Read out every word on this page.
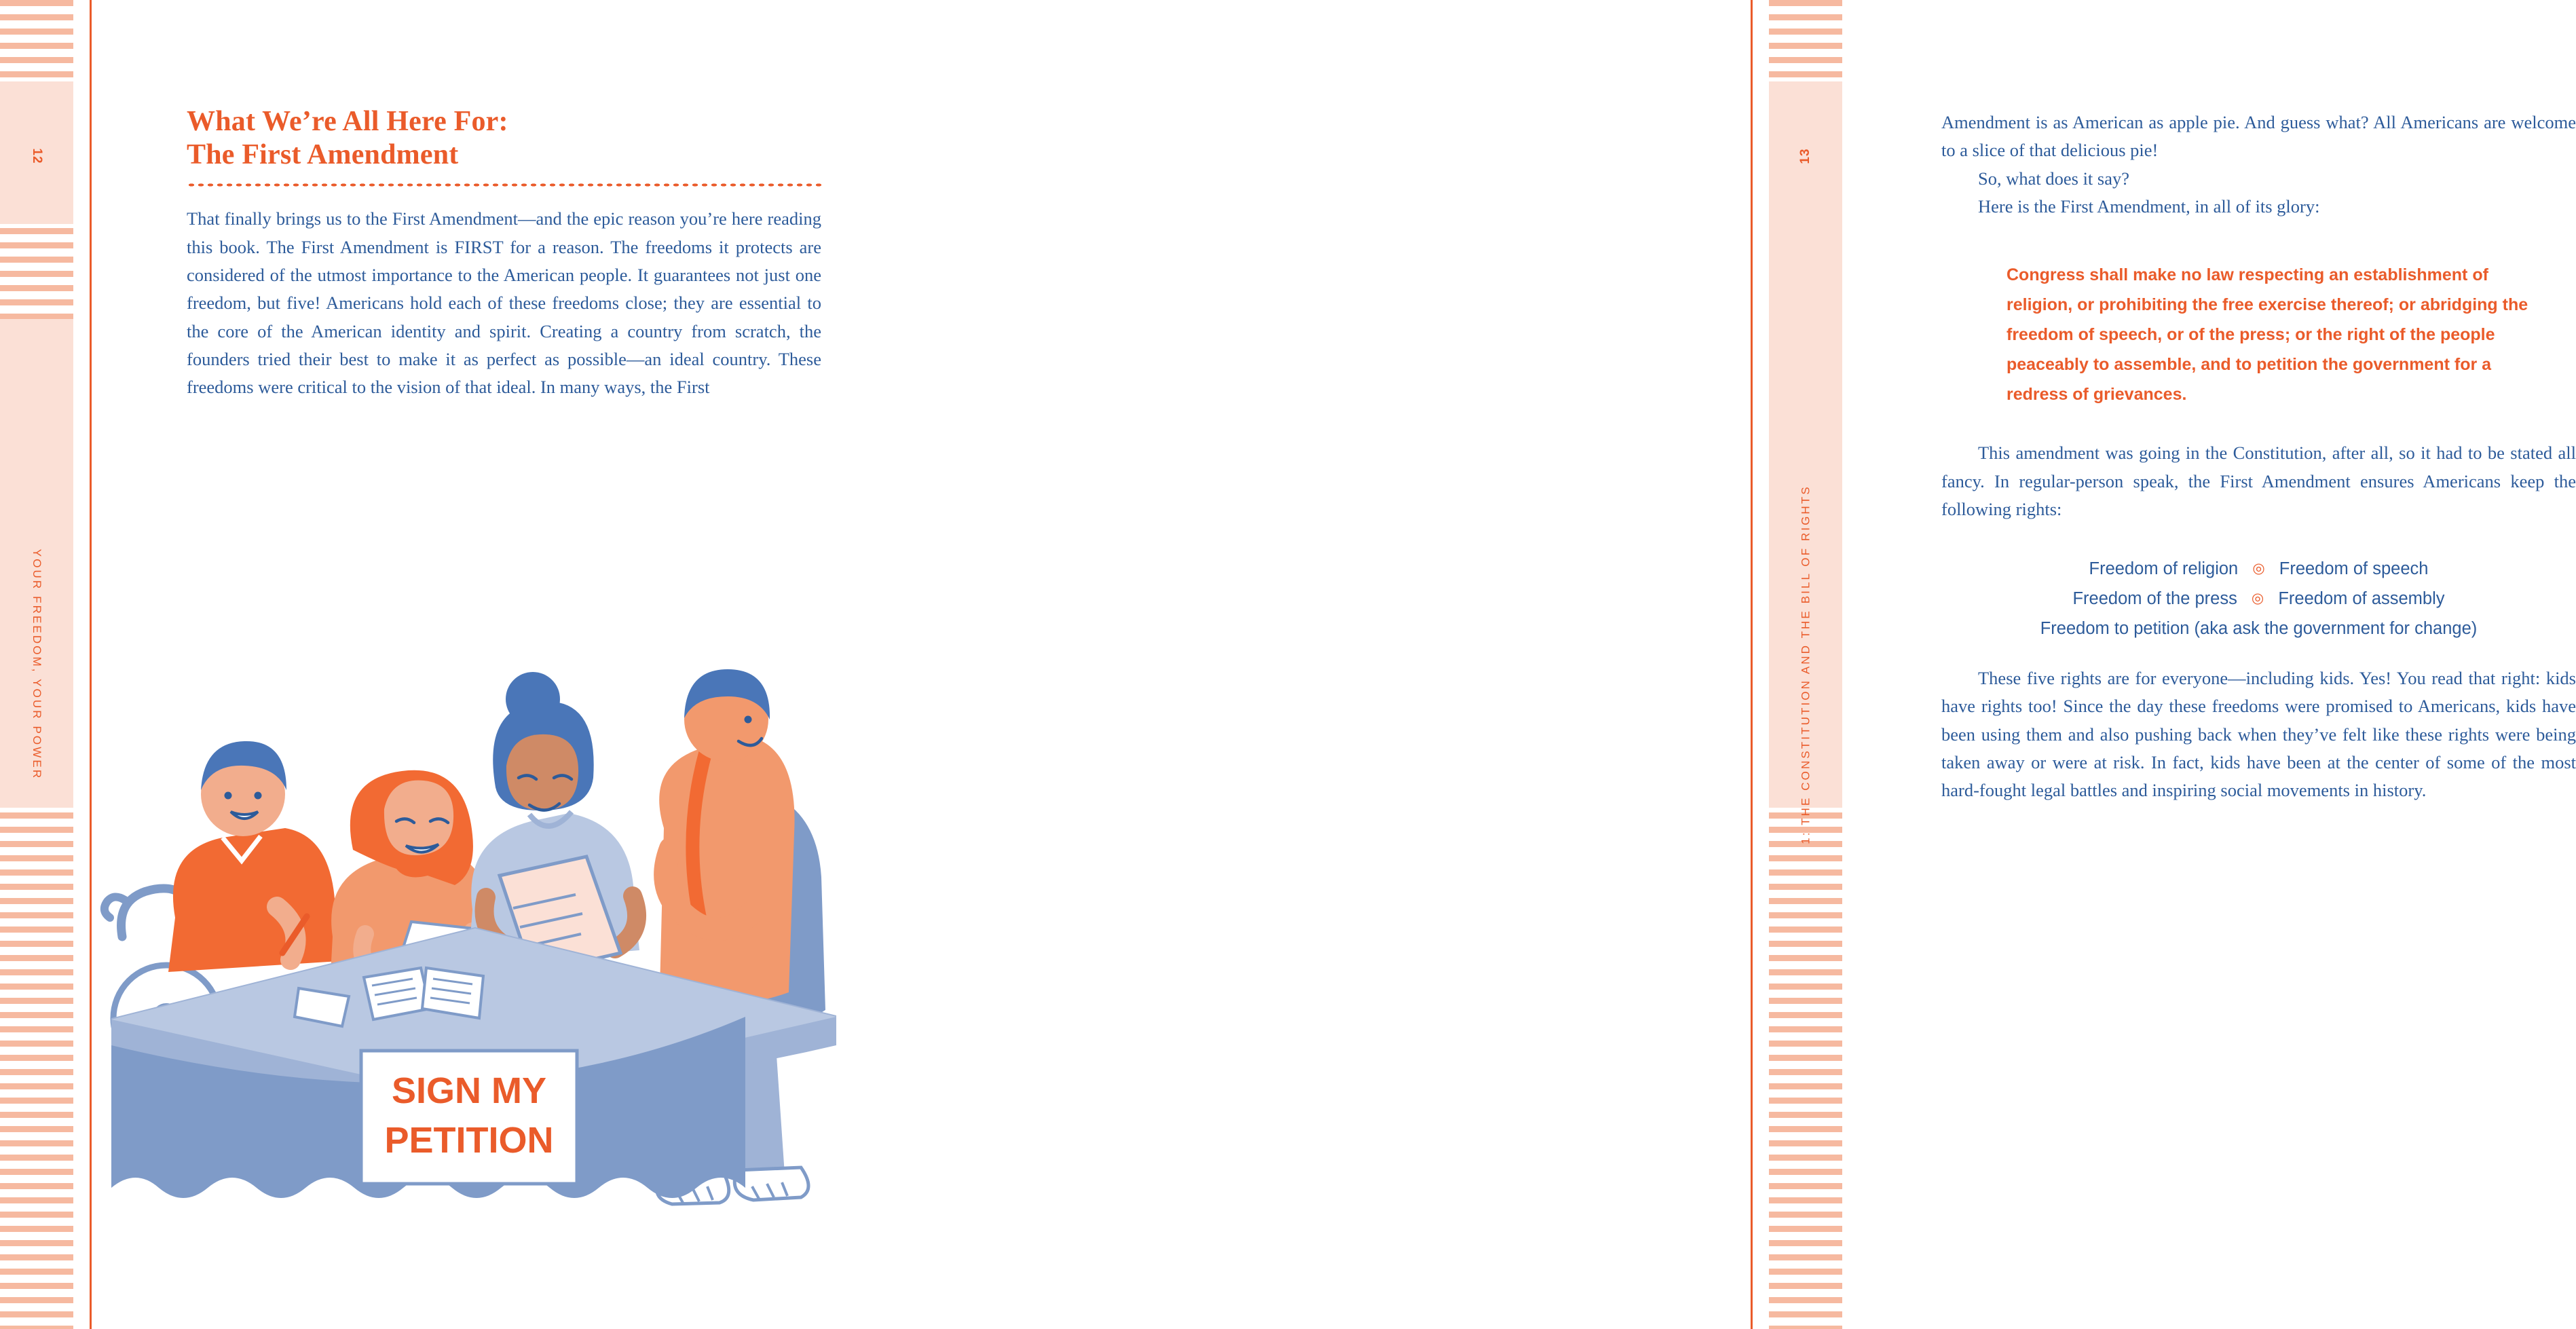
12
YOUR FREEDOM, YOUR POWER
What We’re All Here For:
The First Amendment

That finally brings us to the First Amendment—and the epic reason you’re here reading this book. The First Amendment is FIRST for a reason. The freedoms it protects are considered of the utmost importance to the American people. It guarantees not just one freedom, but five! Americans hold each of these freedoms close; they are essential to the core of the American identity and spirit. Creating a country from scratch, the founders tried their best to make it as perfect as possible—an ideal country. These freedoms were critical to the vision of that ideal. In many ways, the First

SIGN MY
PETITION
13
1: THE CONSTITUTION AND THE BILL OF RIGHTS

Amendment is as American as apple pie. And guess what? All Americans are welcome to a slice of that delicious pie!

So, what does it say?

Here is the First Amendment, in all of its glory:

Congress shall make no law respecting an establishment of religion, or prohibiting the free exercise thereof; or abridging the freedom of speech, or of the press; or the right of the people peaceably to assemble, and to petition the government for a redress of grievances.

This amendment was going in the Constitution, after all, so it had to be stated all fancy. In regular-person speak, the First Amendment ensures Americans keep the following rights:

Freedom of religion ◎ Freedom of speech
Freedom of the press ◎ Freedom of assembly
Freedom to petition (aka ask the government for change)

These five rights are for everyone—including kids. Yes! You read that right: kids have rights too! Since the day these freedoms were promised to Americans, kids have been using them and also pushing back when they’ve felt like these rights were being taken away or were at risk. In fact, kids have been at the center of some of the most hard-fought legal battles and inspiring social movements in history.
